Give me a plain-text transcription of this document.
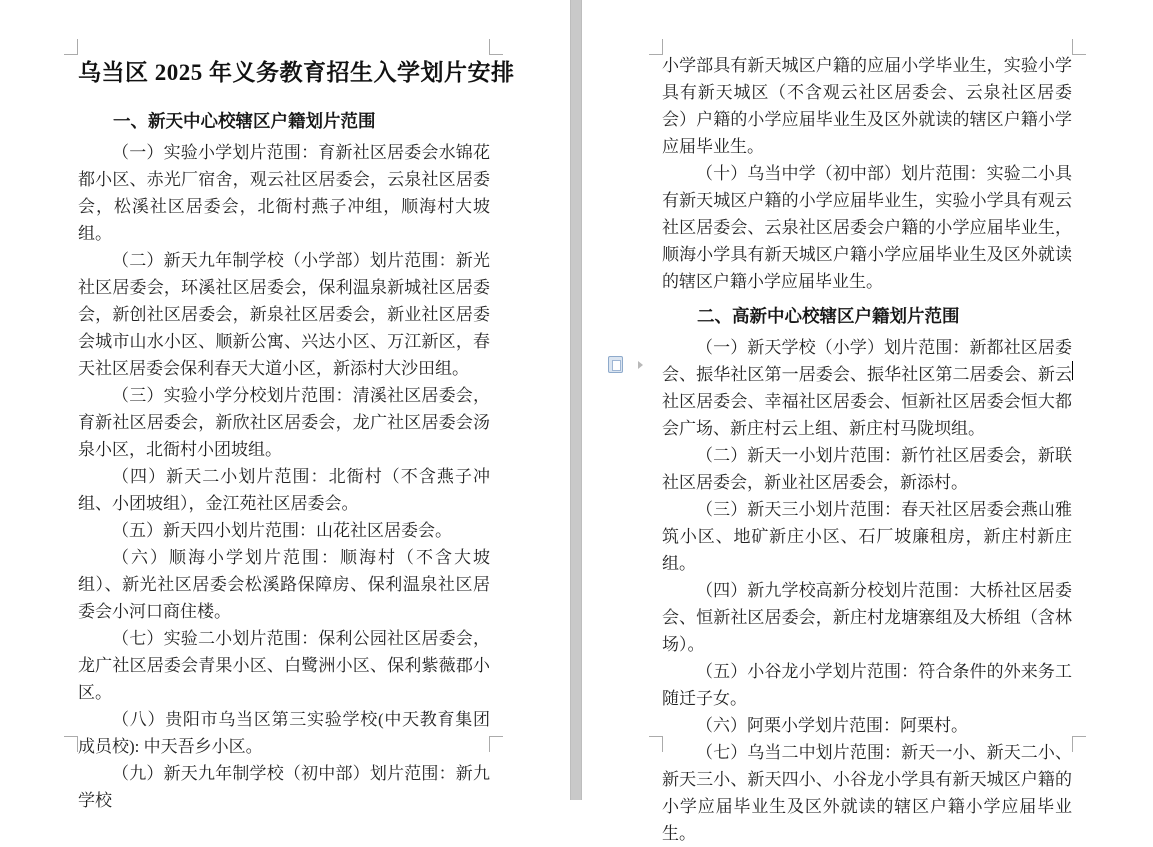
乌当区 2025 年义务教育招生入学划片安排
一、新天中心校辖区户籍划片范围

（一）实验小学划片范围：育新社区居委会水锦花都小区、赤光厂宿舍，观云社区居委会，云泉社区居委会，松溪社区居委会，北衙村燕子冲组，顺海村大坡组。

（二）新天九年制学校（小学部）划片范围：新光社区居委会，环溪社区居委会，保利温泉新城社区居委会，新创社区居委会，新泉社区居委会，新业社区居委会城市山水小区、顺新公寓、兴达小区、万江新区，春天社区居委会保利春天大道小区，新添村大沙田组。

（三）实验小学分校划片范围：清溪社区居委会，育新社区居委会，新欣社区居委会，龙广社区居委会汤泉小区，北衙村小团坡组。

（四）新天二小划片范围：北衙村（不含燕子冲组、小团坡组），金江苑社区居委会。

（五）新天四小划片范围：山花社区居委会。

（六）顺海小学划片范围：顺海村（不含大坡组）、新光社区居委会松溪路保障房、保利温泉社区居委会小河口商住楼。

（七）实验二小划片范围：保利公园社区居委会，龙广社区居委会青果小区、白鹭洲小区、保利紫薇郡小区。

（八）贵阳市乌当区第三实验学校(中天教育集团成员校): 中天吾乡小区。

（九）新天九年制学校（初中部）划片范围：新九学校

小学部具有新天城区户籍的应届小学毕业生，实验小学具有新天城区（不含观云社区居委会、云泉社区居委会）户籍的小学应届毕业生及区外就读的辖区户籍小学应届毕业生。

（十）乌当中学（初中部）划片范围：实验二小具有新天城区户籍的小学应届毕业生，实验小学具有观云社区居委会、云泉社区居委会户籍的小学应届毕业生，顺海小学具有新天城区户籍小学应届毕业生及区外就读的辖区户籍小学应届毕业生。

二、高新中心校辖区户籍划片范围

（一）新天学校（小学）划片范围：新都社区居委会、振华社区第一居委会、振华社区第二居委会、新云社区居委会、幸福社区居委会、恒新社区居委会恒大都会广场、新庄村云上组、新庄村马陇坝组。

（二）新天一小划片范围：新竹社区居委会，新联社区居委会，新业社区居委会，新添村。

（三）新天三小划片范围：春天社区居委会燕山雅筑小区、地矿新庄小区、石厂坡廉租房，新庄村新庄组。

（四）新九学校高新分校划片范围：大桥社区居委会、恒新社区居委会，新庄村龙塘寨组及大桥组（含林场）。

（五）小谷龙小学划片范围：符合条件的外来务工随迁子女。

（六）阿栗小学划片范围：阿栗村。

（七）乌当二中划片范围：新天一小、新天二小、新天三小、新天四小、小谷龙小学具有新天城区户籍的小学应届毕业生及区外就读的辖区户籍小学应届毕业生。
